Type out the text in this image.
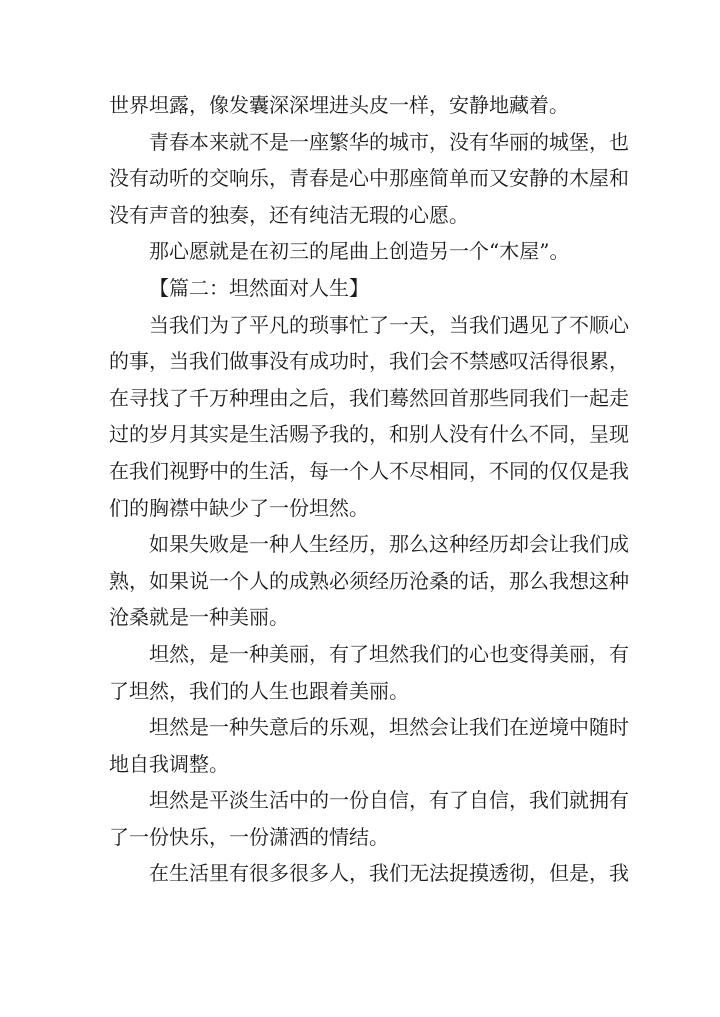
世界坦露，像发囊深深埋进头皮一样，安静地藏着。
青春本来就不是一座繁华的城市，没有华丽的城堡，也
没有动听的交响乐，青春是心中那座简单而又安静的木屋和
没有声音的独奏，还有纯洁无瑕的心愿。
那心愿就是在初三的尾曲上创造另一个“木屋”。
【篇二：坦然面对人生】
当我们为了平凡的琐事忙了一天，当我们遇见了不顺心
的事，当我们做事没有成功时，我们会不禁感叹活得很累，
在寻找了千万种理由之后，我们蓦然回首那些同我们一起走
过的岁月其实是生活赐予我的，和别人没有什么不同，呈现
在我们视野中的生活，每一个人不尽相同，不同的仅仅是我
们的胸襟中缺少了一份坦然。
如果失败是一种人生经历，那么这种经历却会让我们成
熟，如果说一个人的成熟必须经历沧桑的话，那么我想这种
沧桑就是一种美丽。
坦然，是一种美丽，有了坦然我们的心也变得美丽，有
了坦然，我们的人生也跟着美丽。
坦然是一种失意后的乐观，坦然会让我们在逆境中随时
地自我调整。
坦然是平淡生活中的一份自信，有了自信，我们就拥有
了一份快乐，一份潇洒的情结。
在生活里有很多很多人，我们无法捉摸透彻，但是，我
